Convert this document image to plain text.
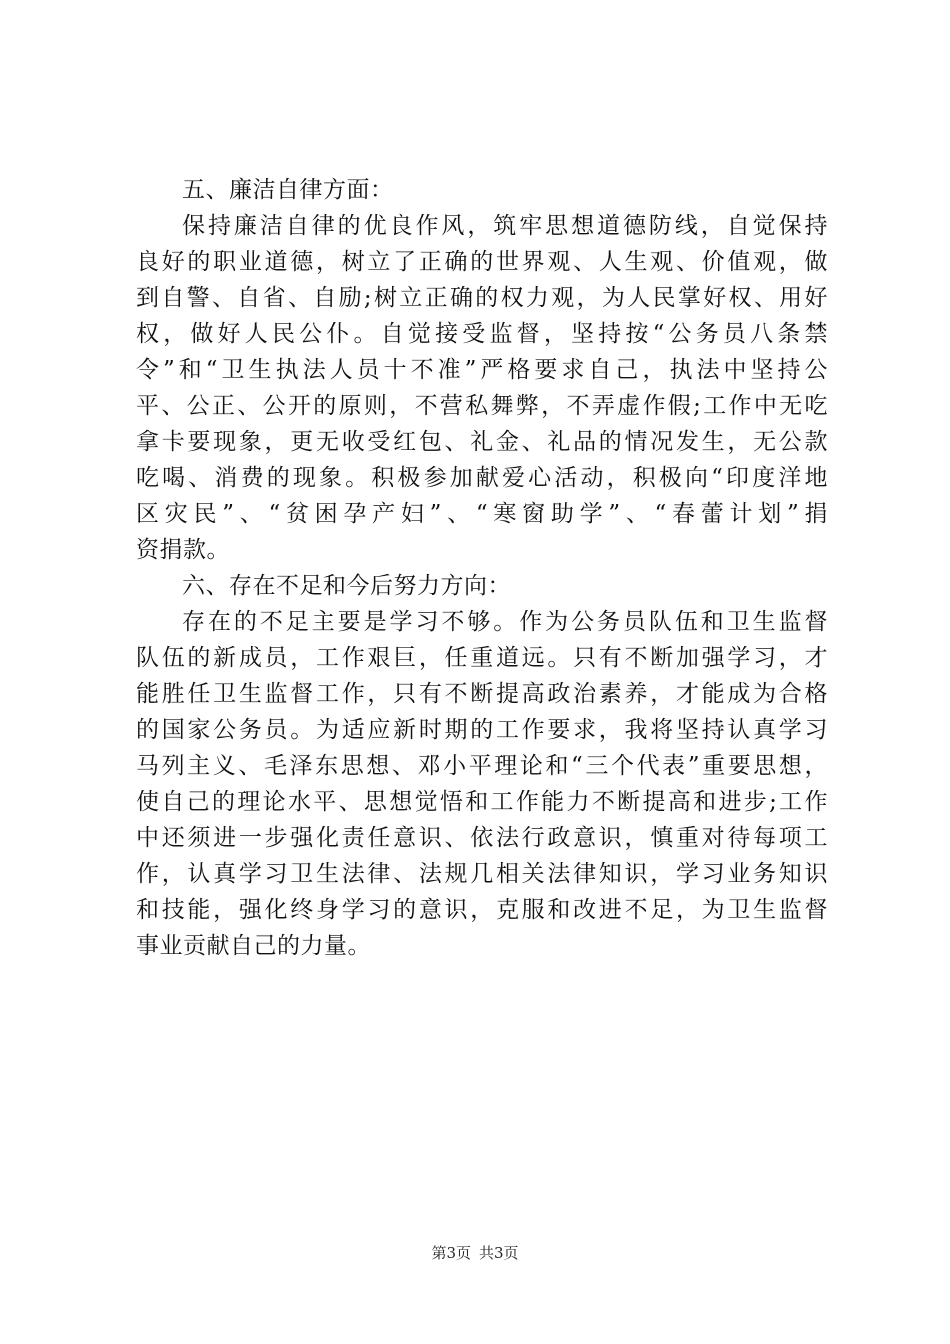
五、廉洁自律方面：
保持廉洁自律的优良作风，筑牢思想道德防线，自觉保持
良好的职业道德，树立了正确的世界观、人生观、价值观，做
到自警、自省、自励;树立正确的权力观，为人民掌好权、用好
权，做好人民公仆。自觉接受监督，坚持按“公务员八条禁
令”和“卫生执法人员十不准”严格要求自己，执法中坚持公
平、公正、公开的原则，不营私舞弊，不弄虚作假;工作中无吃
拿卡要现象，更无收受红包、礼金、礼品的情况发生，无公款
吃喝、消费的现象。积极参加献爱心活动，积极向“印度洋地
区灾民”、“贫困孕产妇”、“寒窗助学”、“春蕾计划”捐
资捐款。
六、存在不足和今后努力方向：
存在的不足主要是学习不够。作为公务员队伍和卫生监督
队伍的新成员，工作艰巨，任重道远。只有不断加强学习，才
能胜任卫生监督工作，只有不断提高政治素养，才能成为合格
的国家公务员。为适应新时期的工作要求，我将坚持认真学习
马列主义、毛泽东思想、邓小平理论和“三个代表”重要思想，
使自己的理论水平、思想觉悟和工作能力不断提高和进步;工作
中还须进一步强化责任意识、依法行政意识，慎重对待每项工
作，认真学习卫生法律、法规几相关法律知识，学习业务知识
和技能，强化终身学习的意识，克服和改进不足，为卫生监督
事业贡献自己的力量。
第3页 共3页
